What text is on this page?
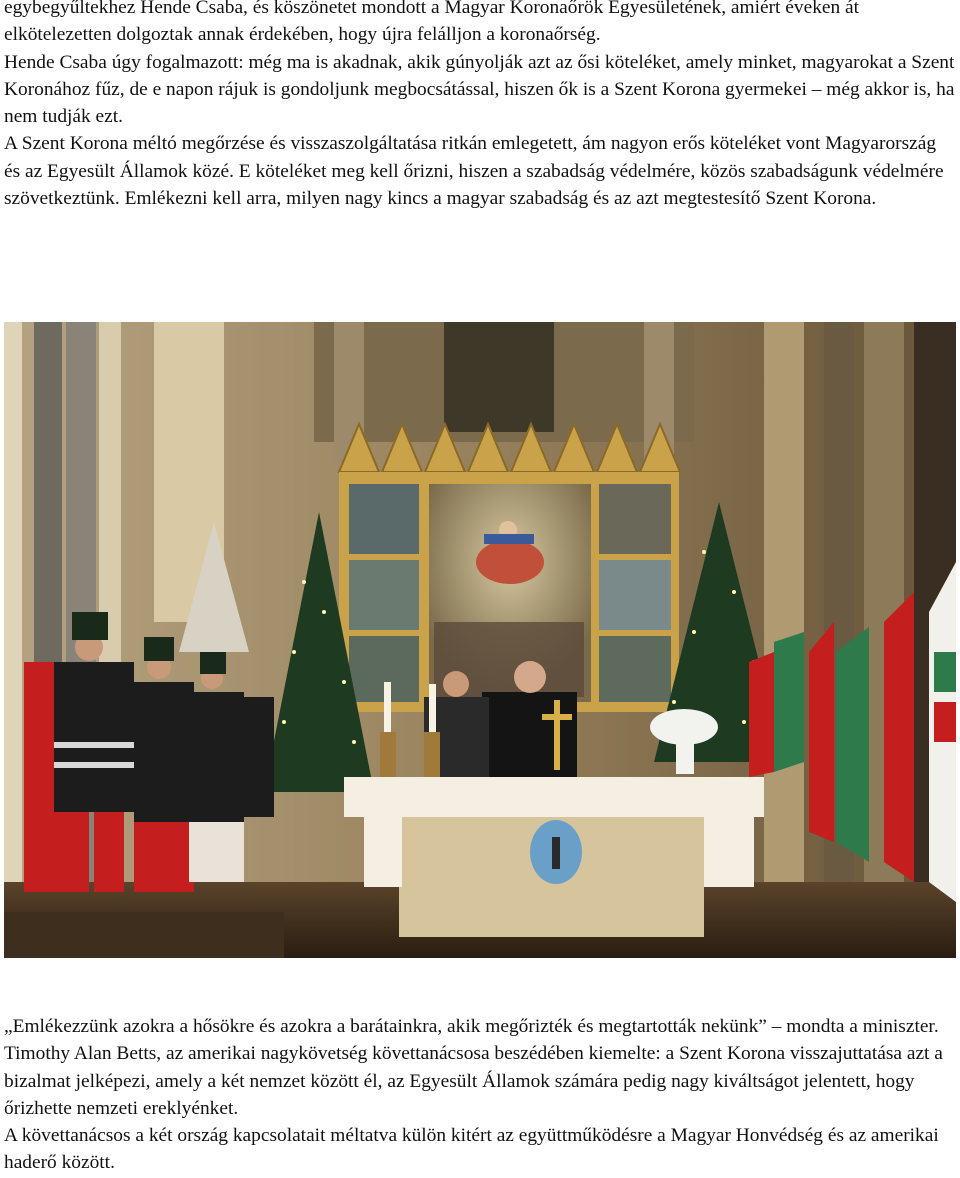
egybegyűltekhez Hende Csaba, és köszönetet mondott a Magyar Koronaőrök Egyesületének, amiért éveken át elkötelezetten dolgoztak annak érdekében, hogy újra felálljon a koronaőrség.

Hende Csaba úgy fogalmazott: még ma is akadnak, akik gúnyolják azt az ősi köteléket, amely minket, magyarokat a Szent Koronához fűz, de e napon rájuk is gondoljunk megbocsátással, hiszen ők is a Szent Korona gyermekei – még akkor is, ha nem tudják ezt.

A Szent Korona méltó megőrzése és visszaszolgáltatása ritkán emlegetett, ám nagyon erős köteléket vont Magyarország és az Egyesült Államok közé. E köteléket meg kell őrizni, hiszen a szabadság védelmére, közös szabadságunk védelmére szövetkeztünk. Emlékezni kell arra, milyen nagy kincs a magyar szabadság és az azt megtestesítő Szent Korona.

„Emlékezzünk azokra a hősökre és azokra a barátainkra, akik megőrizték és megtartották nekünk” – mondta a miniszter. Timothy Alan Betts, az amerikai nagykövetség követtanácsosa beszédében kiemelte: a Szent Korona visszajuttatása azt a bizalmat jelképezi, amely a két nemzet között él, az Egyesült Államok számára pedig nagy kiváltságot jelentett, hogy őrizhette nemzeti ereklyénket.

A követtanácsos a két ország kapcsolatait méltatva külön kitért az együttműködésre a Magyar Honvédség és az amerikai haderő között.
